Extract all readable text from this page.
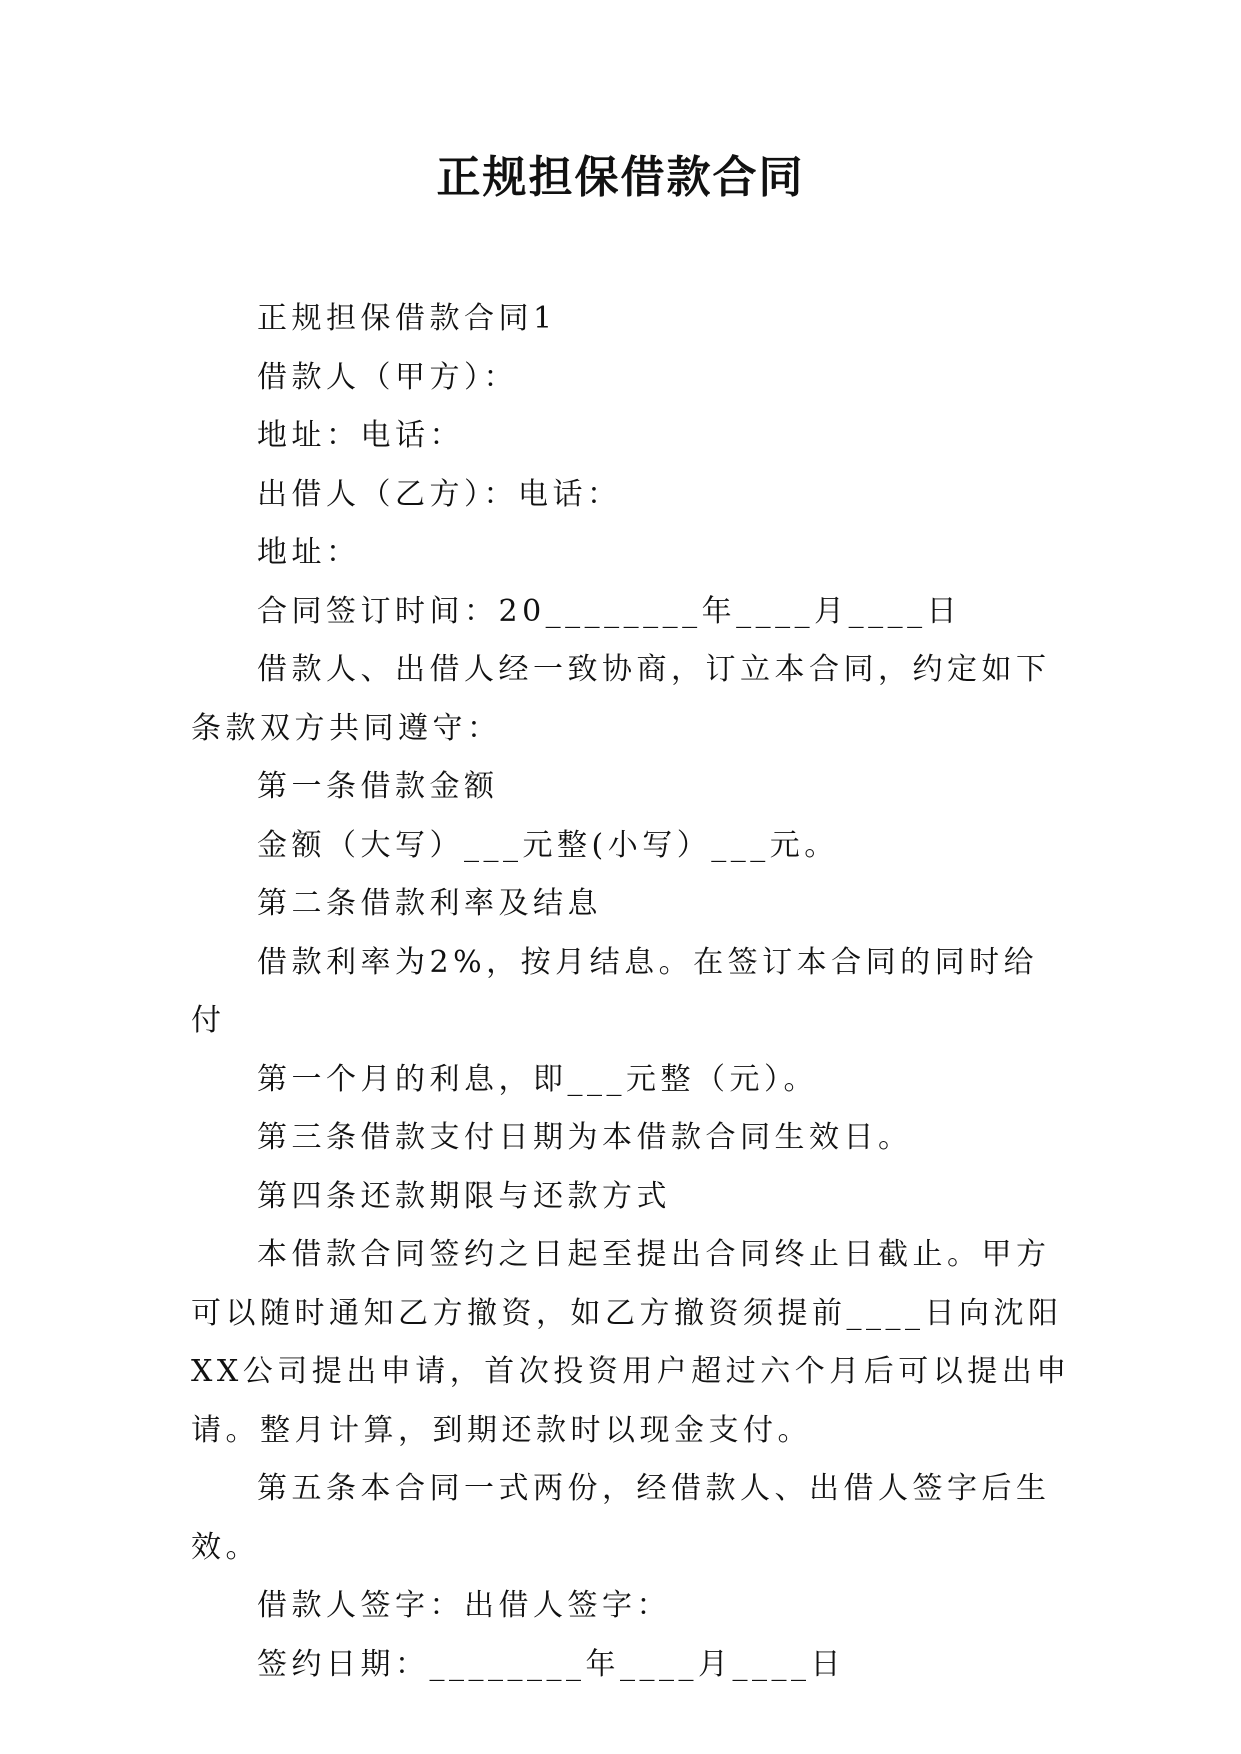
正规担保借款合同

正规担保借款合同1

借款人（甲方）：

地址：电话：

出借人（乙方）：电话：

地址：

合同签订时间：20________年____月____日

借款人、出借人经一致协商，订立本合同，约定如下条款双方共同遵守：

第一条借款金额

金额（大写）___元整(小写）___元。

第二条借款利率及结息

借款利率为2%，按月结息。在签订本合同的同时给付

第一个月的利息，即___元整（元）。

第三条借款支付日期为本借款合同生效日。

第四条还款期限与还款方式

本借款合同签约之日起至提出合同终止日截止。甲方可以随时通知乙方撤资，如乙方撤资须提前____日向沈阳XX公司提出申请，首次投资用户超过六个月后可以提出申请。整月计算，到期还款时以现金支付。

第五条本合同一式两份，经借款人、出借人签字后生效。

借款人签字：出借人签字：

签约日期：________年____月____日
